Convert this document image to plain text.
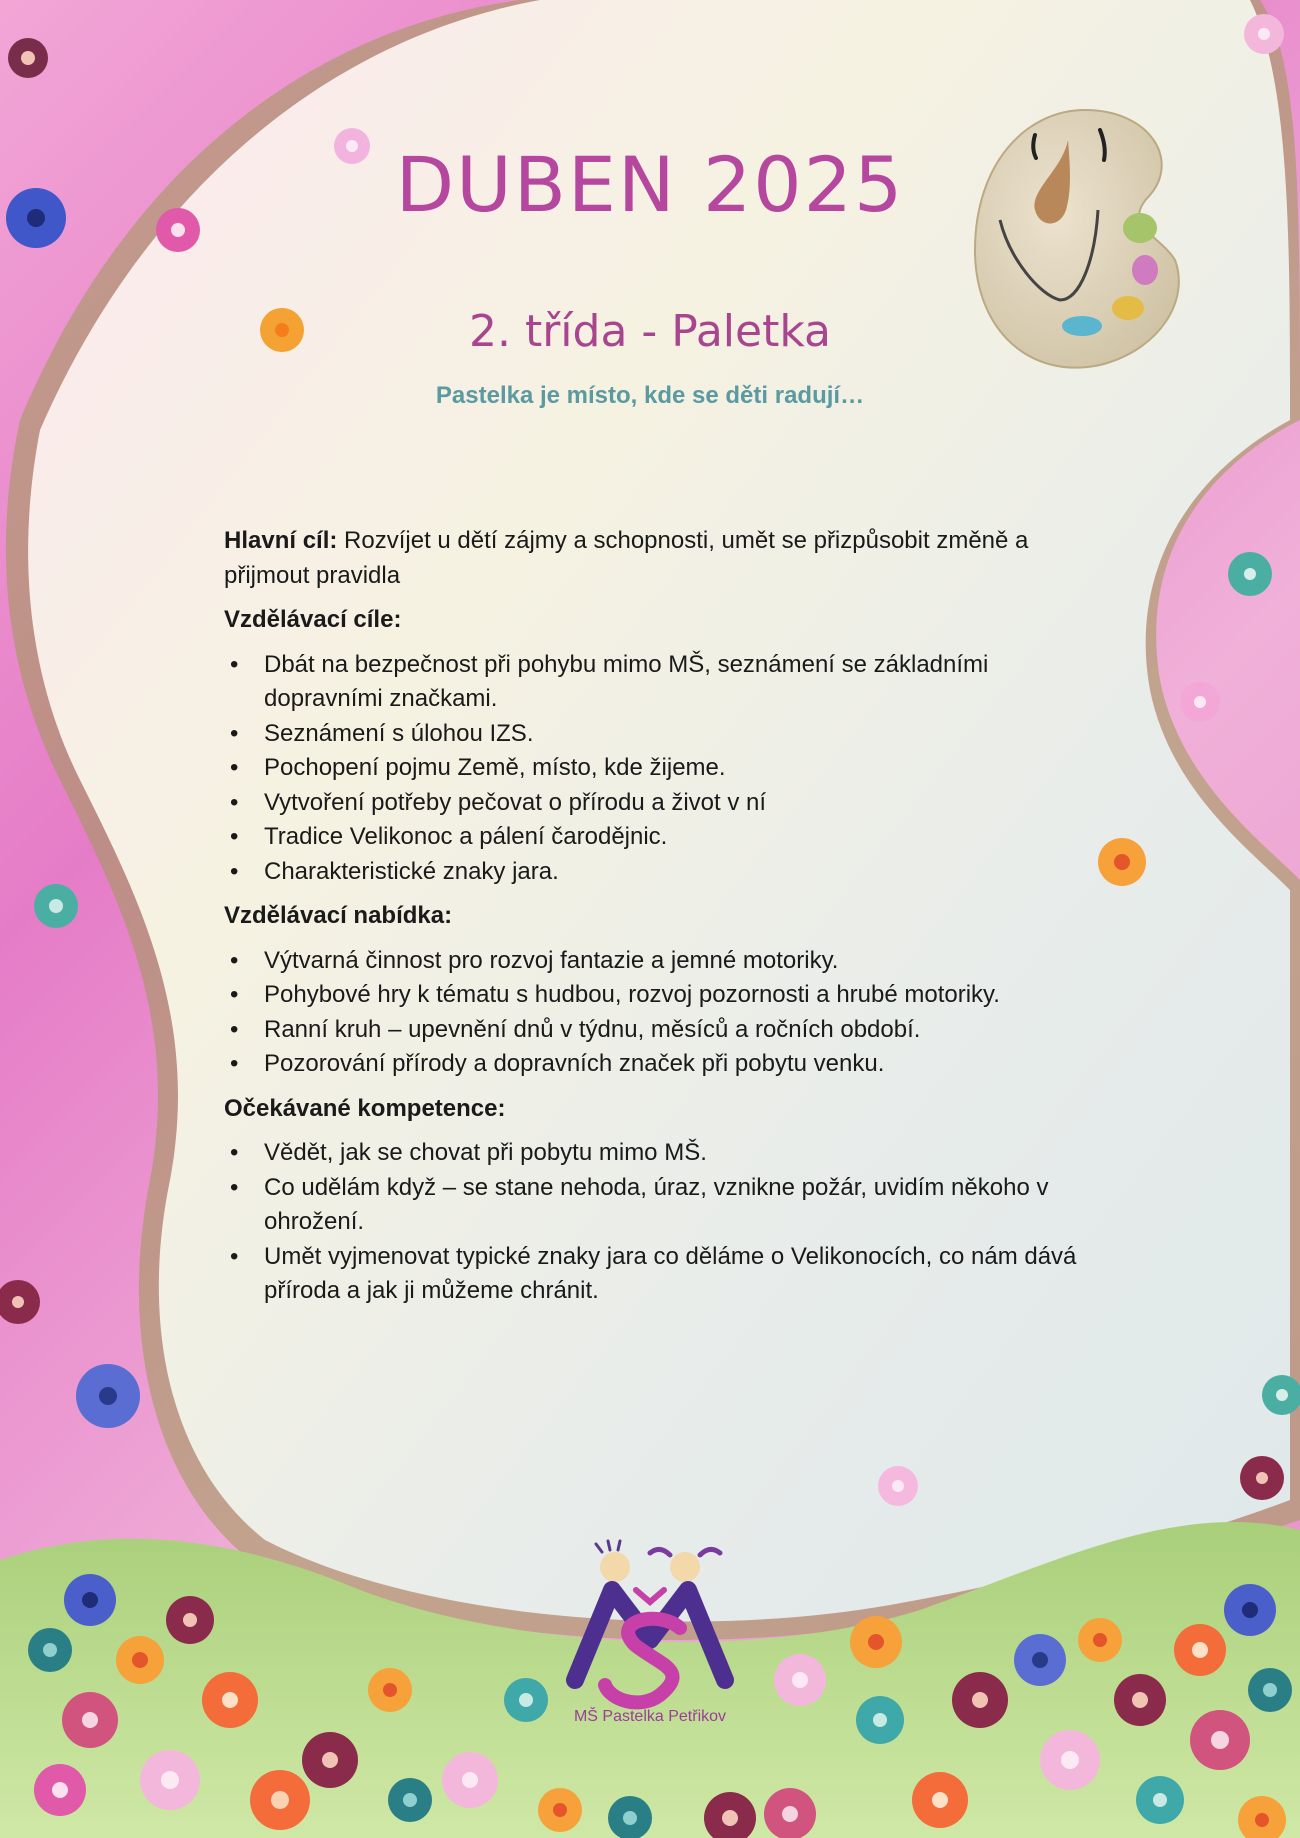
DUBEN 2025
2. třída - Paletka
Pastelka je místo, kde se děti radují…

Hlavní cíl: Rozvíjet u dětí zájmy a schopnosti, umět se přizpůsobit změně a přijmout pravidla

Vzdělávací cíle:
• Dbát na bezpečnost při pohybu mimo MŠ, seznámení se základními dopravními značkami.
• Seznámení s úlohou IZS.
• Pochopení pojmu Země, místo, kde žijeme.
• Vytvoření potřeby pečovat o přírodu a život v ní
• Tradice Velikonoc a pálení čarodějnic.
• Charakteristické znaky jara.
Vzdělávací nabídka:
• Výtvarná činnost pro rozvoj fantazie a jemné motoriky.
• Pohybové hry k tématu s hudbou, rozvoj pozornosti a hrubé motoriky.
• Ranní kruh – upevnění dnů v týdnu, měsíců a ročních období.
• Pozorování přírody a dopravních značek při pobytu venku.
Očekávané kompetence:
• Vědět, jak se chovat při pobytu mimo MŠ.
• Co udělám když – se stane nehoda, úraz, vznikne požár, uvidím někoho v ohrožení.
• Umět vyjmenovat typické znaky jara co děláme o Velikonocích, co nám dává příroda a jak ji můžeme chránit.
MŠ Pastelka Petřikov
